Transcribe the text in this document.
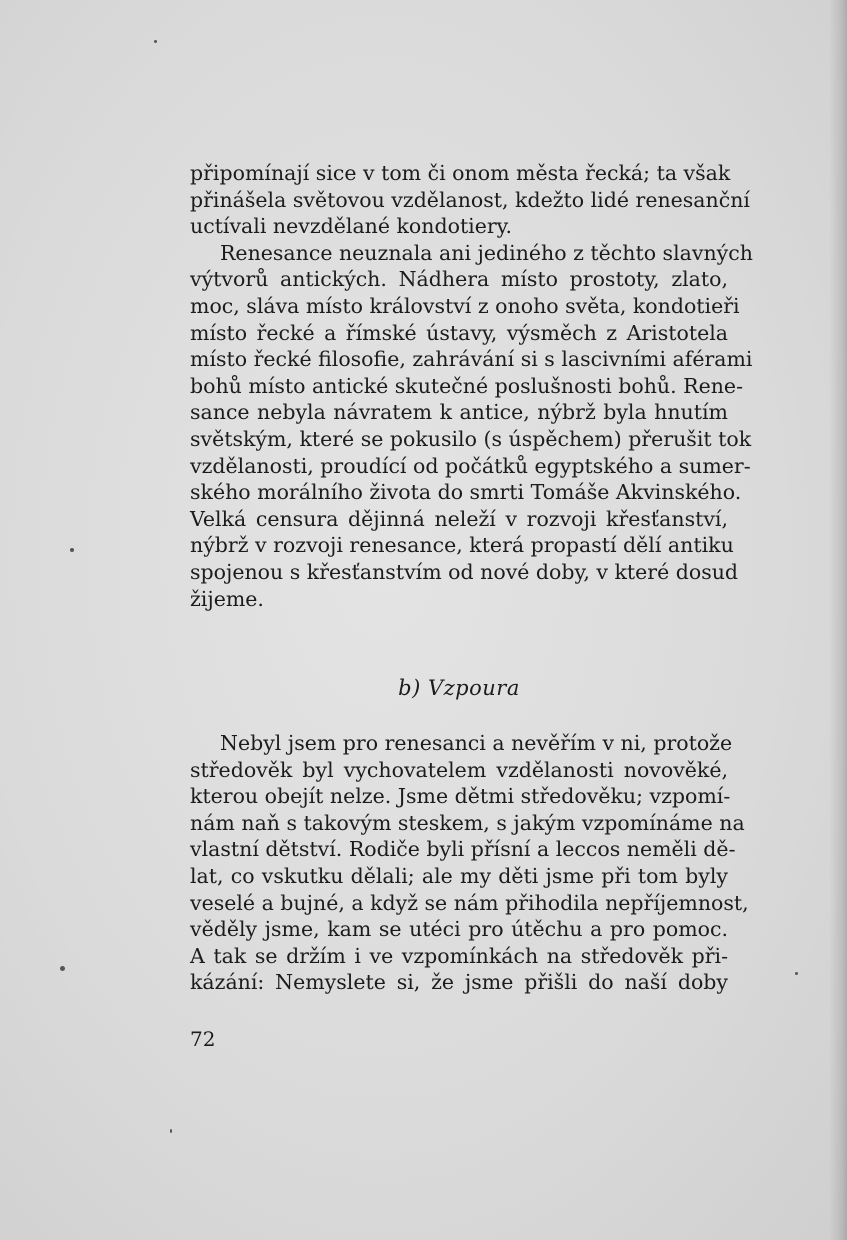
připomínají sice v tom či onom města řecká; ta však
přinášela světovou vzdělanost, kdežto lidé renesanční
uctívali nevzdělané kondotiery.
Renesance neuznala ani jediného z těchto slavných
výtvorů antických. Nádhera místo prostoty, zlato,
moc, sláva místo království z onoho světa, kondotieři
místo řecké a římské ústavy, výsměch z Aristotela
místo řecké filosofie, zahrávání si s lascivními aférami
bohů místo antické skutečné poslušnosti bohů. Rene-
sance nebyla návratem k antice, nýbrž byla hnutím
světským, které se pokusilo (s úspěchem) přerušit tok
vzdělanosti, proudící od počátků egyptského a sumer-
ského morálního života do smrti Tomáše Akvinského.
Velká censura dějinná neleží v rozvoji křesťanství,
nýbrž v rozvoji renesance, která propastí dělí antiku
spojenou s křesťanstvím od nové doby, v které dosud
žijeme.
b) Vzpoura
Nebyl jsem pro renesanci a nevěřím v ni, protože
středověk byl vychovatelem vzdělanosti novověké,
kterou obejít nelze. Jsme dětmi středověku; vzpomí-
nám naň s takovým steskem, s jakým vzpomínáme na
vlastní dětství. Rodiče byli přísní a leccos neměli dě-
lat, co vskutku dělali; ale my děti jsme při tom byly
veselé a bujné, a když se nám přihodila nepříjemnost,
věděly jsme, kam se utéci pro útěchu a pro pomoc.
A tak se držím i ve vzpomínkách na středověk při-
kázání: Nemyslete si, že jsme přišli do naší doby
72
